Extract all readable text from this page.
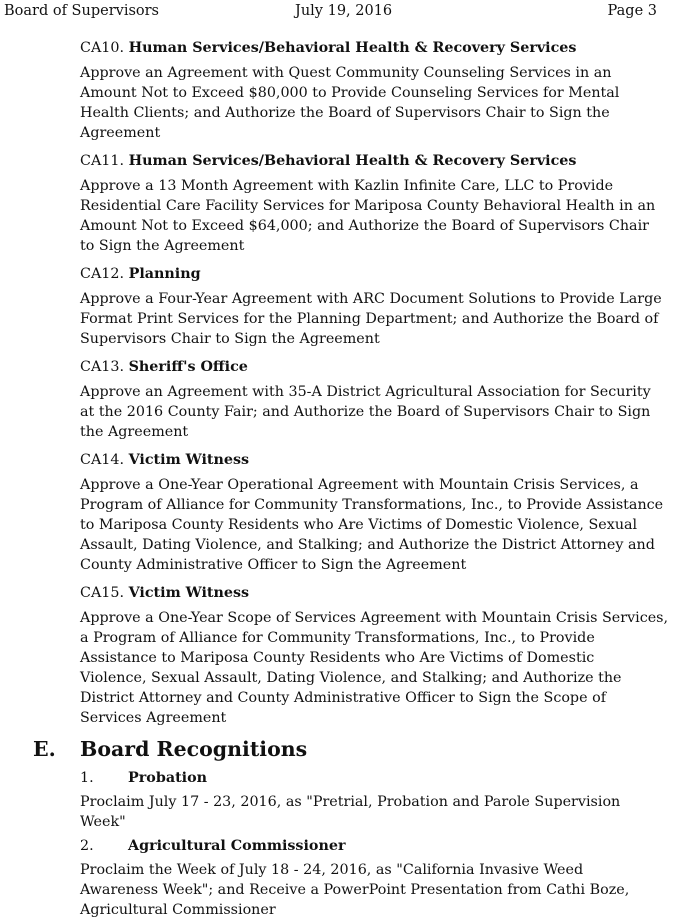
Board of Supervisors	July 19, 2016	Page 3
CA10. Human Services/Behavioral Health & Recovery Services
Approve an Agreement with Quest Community Counseling Services in an
Amount Not to Exceed $80,000 to Provide Counseling Services for Mental
Health Clients; and Authorize the Board of Supervisors Chair to Sign the
Agreement
CA11. Human Services/Behavioral Health & Recovery Services
Approve a 13 Month Agreement with Kazlin Infinite Care, LLC to Provide
Residential Care Facility Services for Mariposa County Behavioral Health in an
Amount Not to Exceed $64,000; and Authorize the Board of Supervisors Chair
to Sign the Agreement
CA12. Planning
Approve a Four-Year Agreement with ARC Document Solutions to Provide Large
Format Print Services for the Planning Department; and Authorize the Board of
Supervisors Chair to Sign the Agreement
CA13. Sheriff's Office
Approve an Agreement with 35-A District Agricultural Association for Security
at the 2016 County Fair; and Authorize the Board of Supervisors Chair to Sign
the Agreement
CA14. Victim Witness
Approve a One-Year Operational Agreement with Mountain Crisis Services, a
Program of Alliance for Community Transformations, Inc., to Provide Assistance
to Mariposa County Residents who Are Victims of Domestic Violence, Sexual
Assault, Dating Violence, and Stalking; and Authorize the District Attorney and
County Administrative Officer to Sign the Agreement
CA15. Victim Witness
Approve a One-Year Scope of Services Agreement with Mountain Crisis Services,
a Program of Alliance for Community Transformations, Inc., to Provide
Assistance to Mariposa County Residents who Are Victims of Domestic
Violence, Sexual Assault, Dating Violence, and Stalking; and Authorize the
District Attorney and County Administrative Officer to Sign the Scope of
Services Agreement
E. Board Recognitions
1. Probation
Proclaim July 17 - 23, 2016, as "Pretrial, Probation and Parole Supervision
Week"
2. Agricultural Commissioner
Proclaim the Week of July 18 - 24, 2016, as "California Invasive Weed
Awareness Week"; and Receive a PowerPoint Presentation from Cathi Boze,
Agricultural Commissioner
